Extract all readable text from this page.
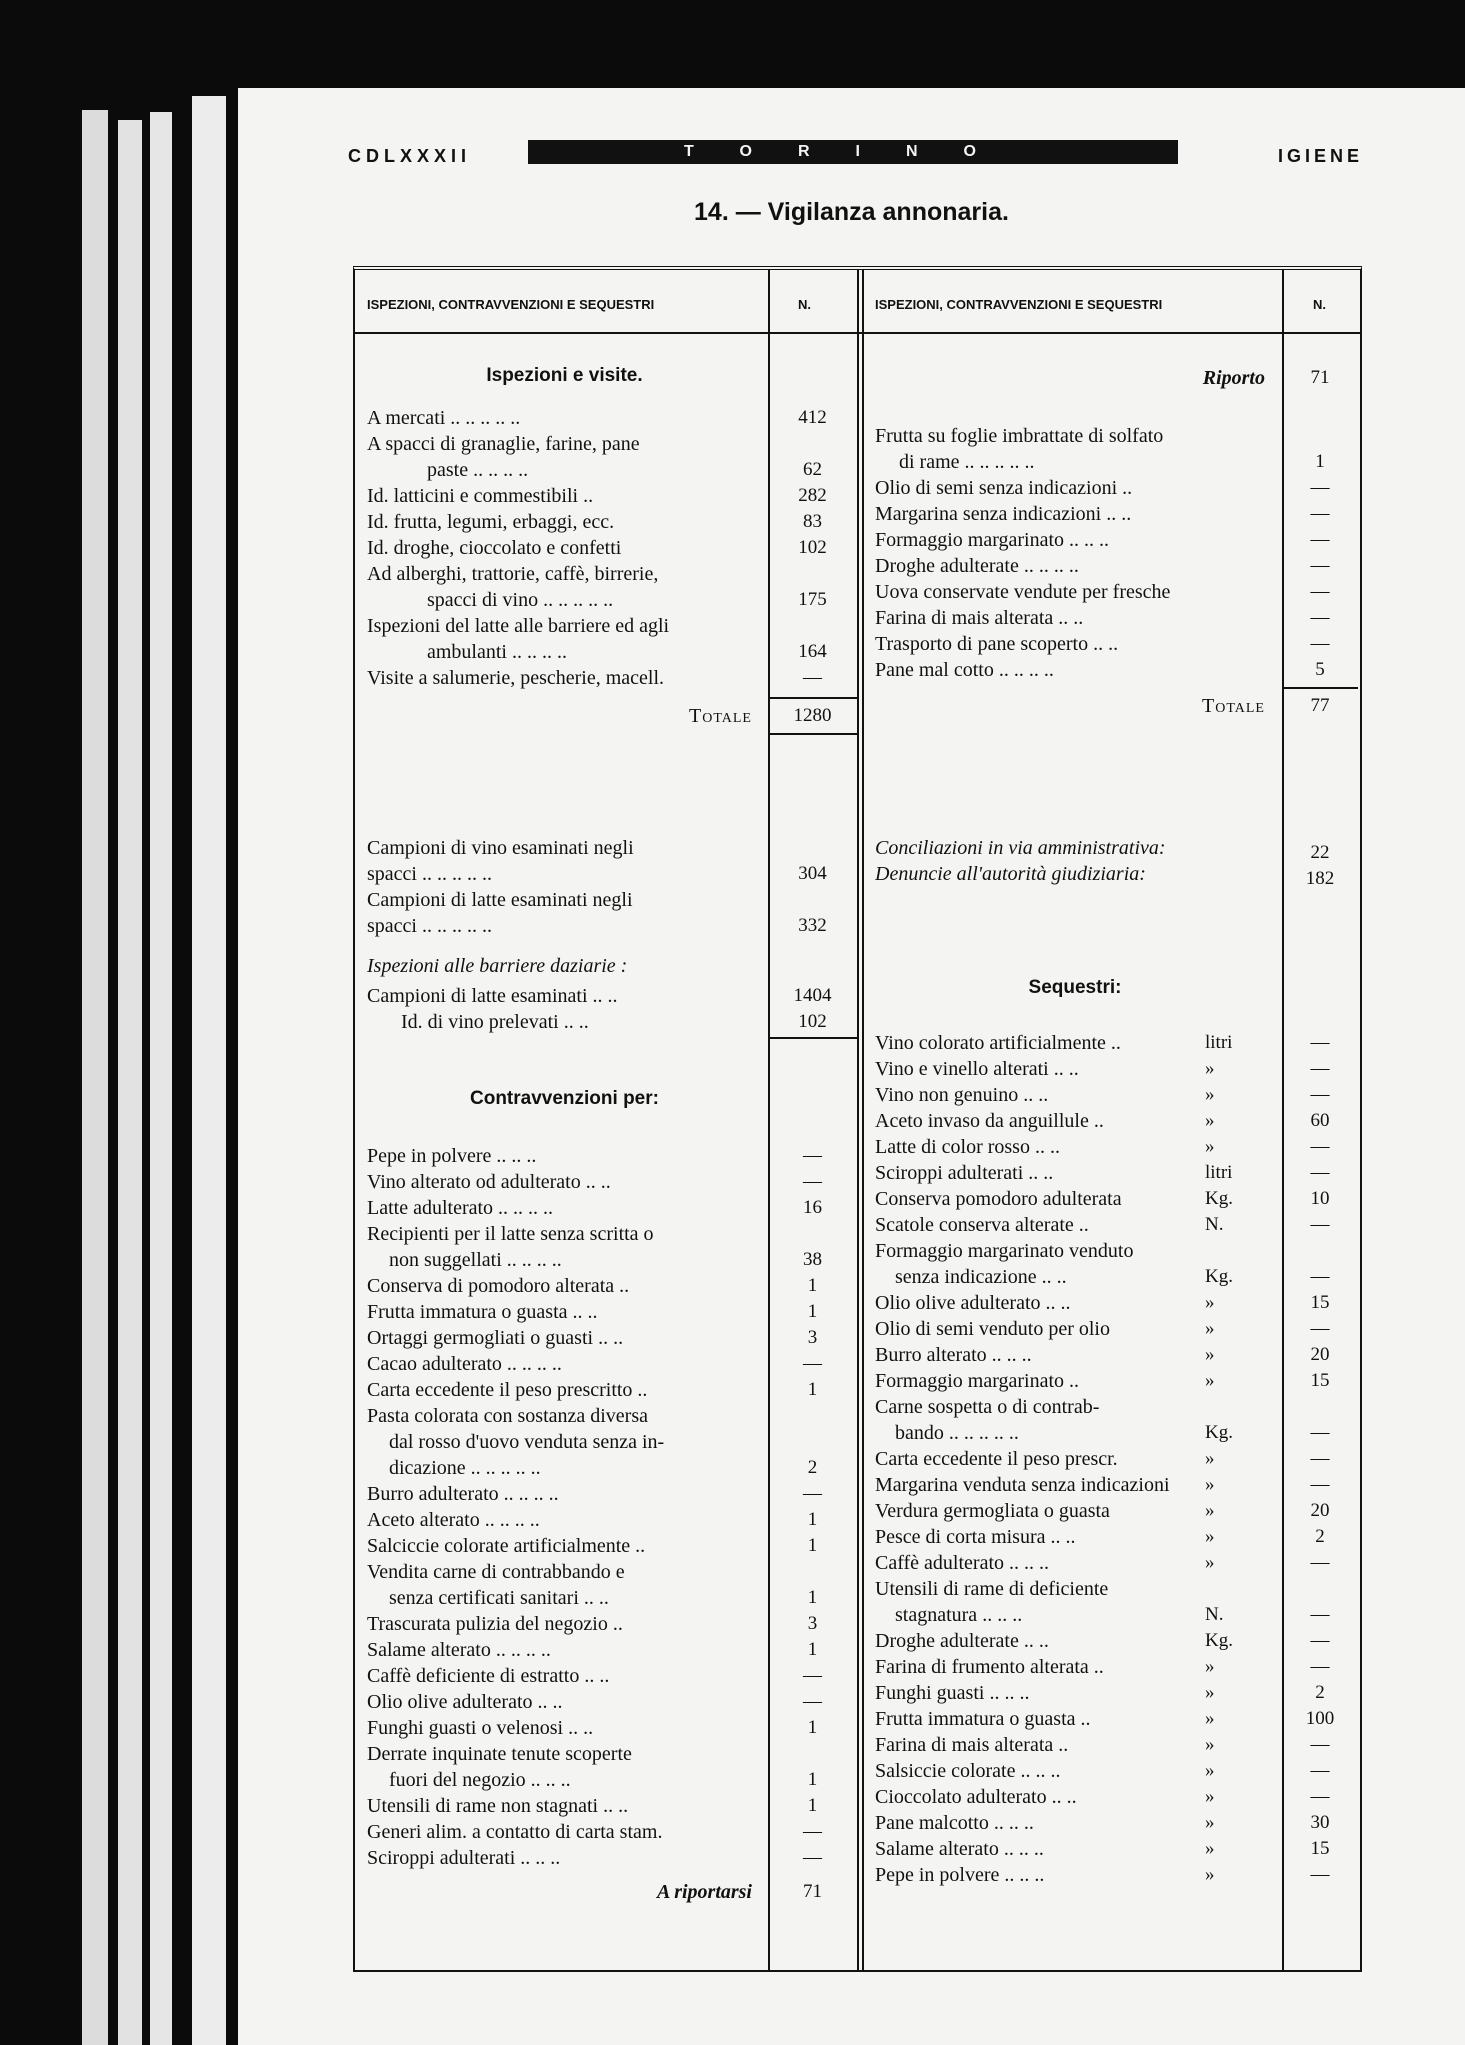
CDLXXXII	TORINO	IGIENE
14. — Vigilanza annonaria.
ISPEZIONI, CONTRAVVENZIONI E SEQUESTRI	N.	ISPEZIONI, CONTRAVVENZIONI E SEQUESTRI	N.
Ispezioni e visite.
A mercati .. .. .. .. ..	412
A spacci di granaglie, farine, pane
paste .. .. .. ..	62
Id. latticini e commestibili ..	282
Id. frutta, legumi, erbaggi, ecc.	83
Id. droghe, cioccolato e confetti	102
Ad alberghi, trattorie, caffè, birrerie,
spacci di vino .. .. .. .. ..	175
Ispezioni del latte alle barriere ed agli
ambulanti .. .. .. ..	164
Visite a salumerie, pescherie, macell.	—
Totale	1280
Campioni di vino esaminati negli
spacci .. .. .. .. ..	304
Campioni di latte esaminati negli
spacci .. .. .. .. ..	332
Ispezioni alle barriere daziarie :
Campioni di latte esaminati .. ..	1404
Id. di vino prelevati .. ..	102
Contravvenzioni per:
Pepe in polvere .. .. ..	—
Vino alterato od adulterato .. ..	—
Latte adulterato .. .. .. ..	16
Recipienti per il latte senza scritta o
non suggellati .. .. .. ..	38
Conserva di pomodoro alterata ..	1
Frutta immatura o guasta .. ..	1
Ortaggi germogliati o guasti .. ..	3
Cacao adulterato .. .. .. ..	—
Carta eccedente il peso prescritto ..	1
Pasta colorata con sostanza diversa
dal rosso d'uovo venduta senza in-
dicazione .. .. .. .. ..	2
Burro adulterato .. .. .. ..	—
Aceto alterato .. .. .. ..	1
Salciccie colorate artificialmente ..	1
Vendita carne di contrabbando e
senza certificati sanitari .. ..	1
Trascurata pulizia del negozio ..	3
Salame alterato .. .. .. ..	1
Caffè deficiente di estratto .. ..	—
Olio olive adulterato .. ..	—
Funghi guasti o velenosi .. ..	1
Derrate inquinate tenute scoperte
fuori del negozio .. .. ..	1
Utensili di rame non stagnati .. ..	1
Generi alim. a contatto di carta stam.	—
Sciroppi adulterati .. .. ..	—
A riportarsi	71
Riporto	71
Frutta su foglie imbrattate di solfato
di rame .. .. .. .. ..	1
Olio di semi senza indicazioni ..	—
Margarina senza indicazioni .. ..	—
Formaggio margarinato .. .. ..	—
Droghe adulterate .. .. .. ..	—
Uova conservate vendute per fresche	—
Farina di mais alterata .. ..	—
Trasporto di pane scoperto .. ..	—
Pane mal cotto .. .. .. ..	5
Totale	77
Conciliazioni in via amministrativa:	22
Denuncie all'autorità giudiziaria:	182
Sequestri:
Vino colorato artificialmente ..	litri	—
Vino e vinello alterati .. ..	»	—
Vino non genuino .. ..	»	—
Aceto invaso da anguillule ..	»	60
Latte di color rosso .. ..	»	—
Sciroppi adulterati .. ..	litri	—
Conserva pomodoro adulterata	Kg.	10
Scatole conserva alterate ..	N.	—
Formaggio margarinato venduto
senza indicazione .. ..	Kg.	—
Olio olive adulterato .. ..	»	15
Olio di semi venduto per olio	»	—
Burro alterato .. .. ..	»	20
Formaggio margarinato ..	»	15
Carne sospetta o di contrab-
bando .. .. .. .. ..	Kg.	—
Carta eccedente il peso prescr.	»	—
Margarina venduta senza indicazioni	»	—
Verdura germogliata o guasta	»	20
Pesce di corta misura .. ..	»	2
Caffè adulterato .. .. ..	»	—
Utensili di rame di deficiente
stagnatura .. .. ..	N.	—
Droghe adulterate .. ..	Kg.	—
Farina di frumento alterata ..	»	—
Funghi guasti .. .. ..	»	2
Frutta immatura o guasta ..	»	100
Farina di mais alterata ..	»	—
Salsiccie colorate .. .. ..	»	—
Cioccolato adulterato .. ..	»	—
Pane malcotto .. .. ..	»	30
Salame alterato .. .. ..	»	15
Pepe in polvere .. .. ..	»	—
